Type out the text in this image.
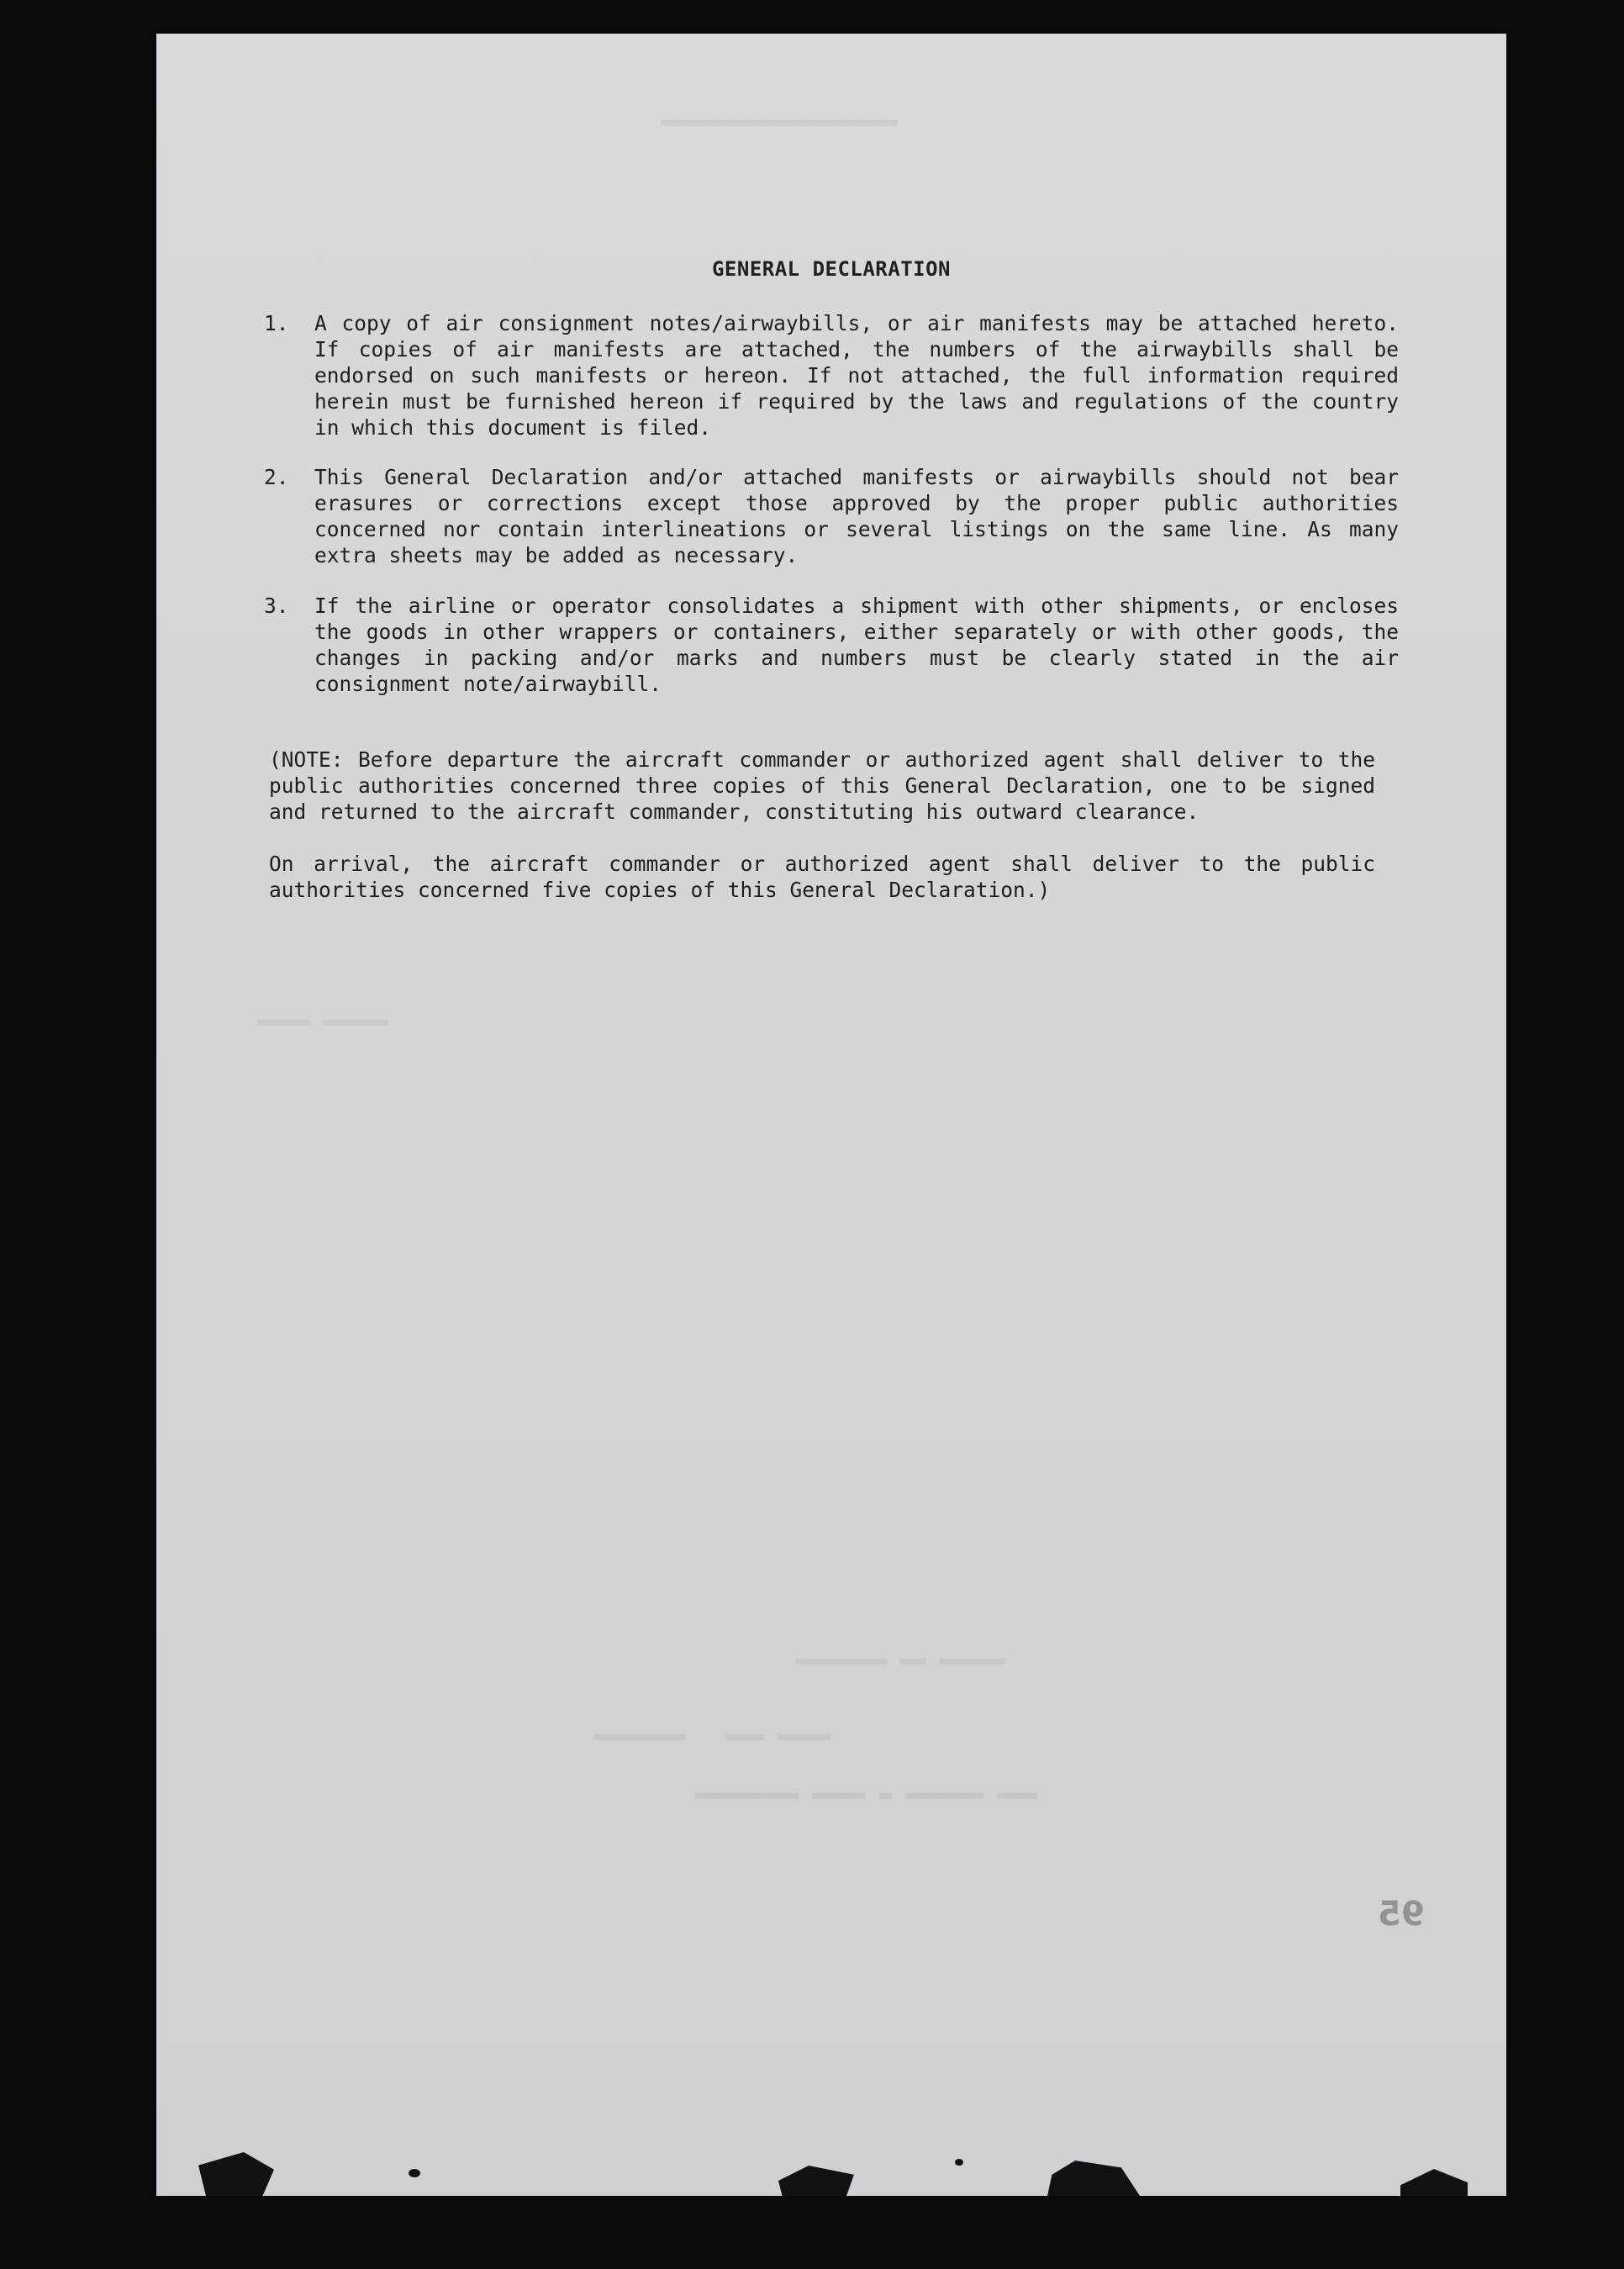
▬▬▬▬▬▬▬▬▬▬▬▬▬▬▬▬▬▬
▬▬▬▬ ▬▬▬▬▬
▬▬▬▬▬▬▬ ▬▬ ▬▬▬▬▬
▬▬▬▬▬▬▬   ▬▬▬ ▬▬▬▬
▬▬▬▬▬▬▬▬ ▬▬▬▬ ▬ ▬▬▬▬▬▬ ▬▬▬
GENERAL DECLARATION
1. A copy of air consignment notes/airwaybills, or air manifests may be attached hereto. If copies of air manifests are attached, the numbers of the airwaybills shall be endorsed on such manifests or hereon. If not attached, the full information required herein must be furnished hereon if required by the laws and regulations of the country in which this document is filed.
2. This General Declaration and/or attached manifests or airwaybills should not bear erasures or corrections except those approved by the proper public authorities concerned nor contain interlineations or several listings on the same line. As many extra sheets may be added as necessary.
3. If the airline or operator consolidates a shipment with other shipments, or encloses the goods in other wrappers or containers, either separately or with other goods, the changes in packing and/or marks and numbers must be clearly stated in the air consignment note/airwaybill.
(NOTE: Before departure the aircraft commander or authorized agent shall deliver to the public authorities concerned three copies of this General Declaration, one to be signed and returned to the aircraft commander, constituting his outward clearance.
On arrival, the aircraft commander or authorized agent shall deliver to the public authorities concerned five copies of this General Declaration.)
95
